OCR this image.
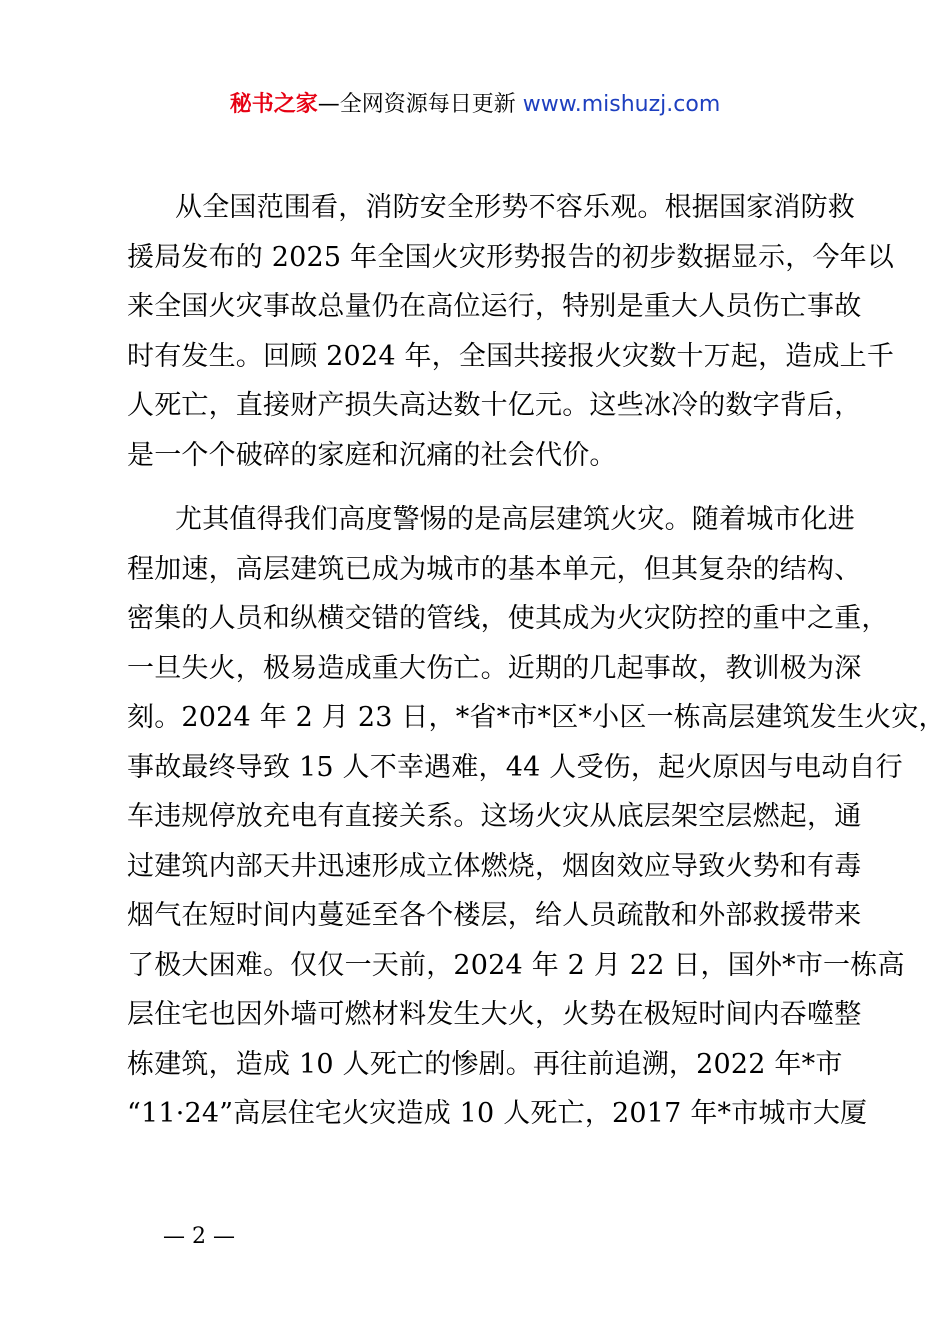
秘书之家—全网资源每日更新 www.mishuzj.com
从全国范围看，消防安全形势不容乐观。根据国家消防救
援局发布的 2025 年全国火灾形势报告的初步数据显示，今年以
来全国火灾事故总量仍在高位运行，特别是重大人员伤亡事故
时有发生。回顾 2024 年，全国共接报火灾数十万起，造成上千
人死亡，直接财产损失高达数十亿元。这些冰冷的数字背后，
是一个个破碎的家庭和沉痛的社会代价。
尤其值得我们高度警惕的是高层建筑火灾。随着城市化进
程加速，高层建筑已成为城市的基本单元，但其复杂的结构、
密集的人员和纵横交错的管线，使其成为火灾防控的重中之重，
一旦失火，极易造成重大伤亡。近期的几起事故，教训极为深
刻。2024 年 2 月 23 日，*省*市*区*小区一栋高层建筑发生火灾，
事故最终导致 15 人不幸遇难，44 人受伤，起火原因与电动自行
车违规停放充电有直接关系。这场火灾从底层架空层燃起，通
过建筑内部天井迅速形成立体燃烧，烟囱效应导致火势和有毒
烟气在短时间内蔓延至各个楼层，给人员疏散和外部救援带来
了极大困难。仅仅一天前，2024 年 2 月 22 日，国外*市一栋高
层住宅也因外墙可燃材料发生大火，火势在极短时间内吞噬整
栋建筑，造成 10 人死亡的惨剧。再往前追溯，2022 年*市
“11·24”高层住宅火灾造成 10 人死亡，2017 年*市城市大厦
— 2 —
